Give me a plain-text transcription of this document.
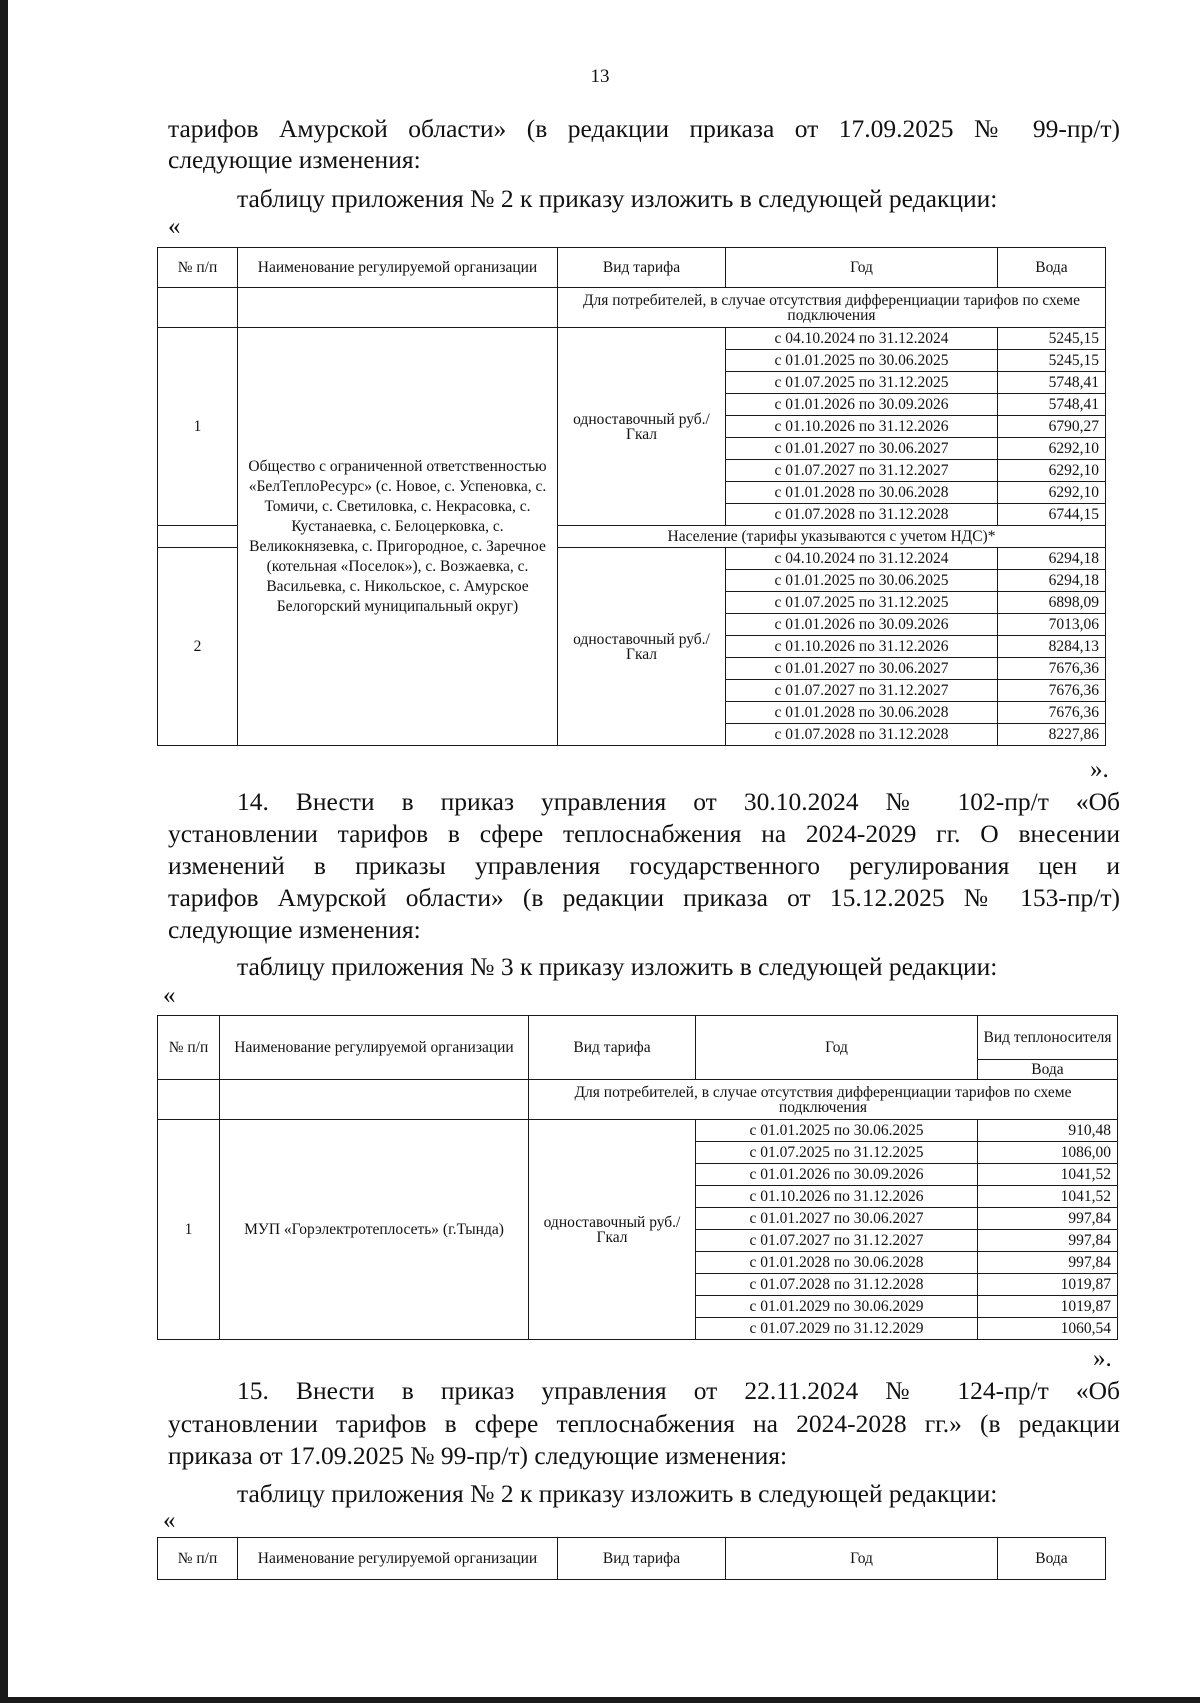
13
тарифов Амурской области» (в редакции приказа от 17.09.2025 № 99-пр/т)
следующие изменения:
таблицу приложения № 2 к приказу изложить в следующей редакции:
«
№ п/п	Наименование регулируемой организации	Вид тарифа	Год	Вода
		Для потребителей, в случае отсутствия дифференциации тарифов по схеме подключения		
1	Общество с ограниченной ответственностью «БелТеплоРесурс» (с. Новое, с. Успеновка, с. Томичи, с. Светиловка, с. Некрасовка, с. Кустанаевка, с. Белоцерковка, с. Великокнязевка, с. Пригородное, с. Заречное (котельная «Поселок»), с. Возжаевка, с. Васильевка, с. Никольское, с. Амурское Белогорский муниципальный округ)	одноставочный руб./Гкал	с 04.10.2024 по 31.12.2024	5245,15
			с 01.01.2025 по 30.06.2025	5245,15
			с 01.07.2025 по 31.12.2025	5748,41
			с 01.01.2026 по 30.09.2026	5748,41
			с 01.10.2026 по 31.12.2026	6790,27
			с 01.01.2027 по 30.06.2027	6292,10
			с 01.07.2027 по 31.12.2027	6292,10
			с 01.01.2028 по 30.06.2028	6292,10
			с 01.07.2028 по 31.12.2028	6744,15
		Население (тарифы указываются с учетом НДС)*		
2		одноставочный руб./Гкал	с 04.10.2024 по 31.12.2024	6294,18
			с 01.01.2025 по 30.06.2025	6294,18
			с 01.07.2025 по 31.12.2025	6898,09
			с 01.01.2026 по 30.09.2026	7013,06
			с 01.10.2026 по 31.12.2026	8284,13
			с 01.01.2027 по 30.06.2027	7676,36
			с 01.07.2027 по 31.12.2027	7676,36
			с 01.01.2028 по 30.06.2028	7676,36
			с 01.07.2028 по 31.12.2028	8227,86
».
14. Внести в приказ управления от 30.10.2024 № 102-пр/т «Об
установлении тарифов в сфере теплоснабжения на 2024-2029 гг. О внесении
изменений в приказы управления государственного регулирования цен и
тарифов Амурской области» (в редакции приказа от 15.12.2025 № 153-пр/т)
следующие изменения:
таблицу приложения № 3 к приказу изложить в следующей редакции:
«
№ п/п	Наименование регулируемой организации	Вид тарифа	Год	Вид теплоносителя
				Вода
		Для потребителей, в случае отсутствия дифференциации тарифов по схеме подключения		
1	МУП «Горэлектротеплосеть» (г.Тында)	одноставочный руб./Гкал	с 01.01.2025 по 30.06.2025	910,48
			с 01.07.2025 по 31.12.2025	1086,00
			с 01.01.2026 по 30.09.2026	1041,52
			с 01.10.2026 по 31.12.2026	1041,52
			с 01.01.2027 по 30.06.2027	997,84
			с 01.07.2027 по 31.12.2027	997,84
			с 01.01.2028 по 30.06.2028	997,84
			с 01.07.2028 по 31.12.2028	1019,87
			с 01.01.2029 по 30.06.2029	1019,87
			с 01.07.2029 по 31.12.2029	1060,54
».
15. Внести в приказ управления от 22.11.2024 № 124-пр/т «Об
установлении тарифов в сфере теплоснабжения на 2024-2028 гг.» (в редакции
приказа от 17.09.2025 № 99-пр/т) следующие изменения:
таблицу приложения № 2 к приказу изложить в следующей редакции:
«
№ п/п	Наименование регулируемой организации	Вид тарифа	Год	Вода
